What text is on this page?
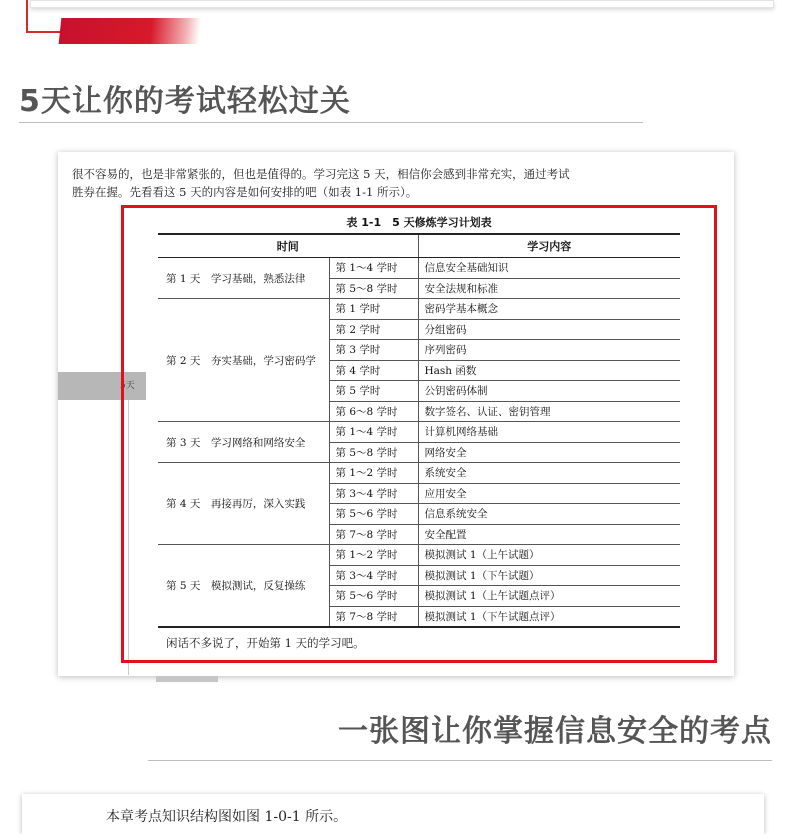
5天让你的考试轻松过关
5天
很不容易的，也是非常紧张的，但也是值得的。学习完这 5 天，相信你会感到非常充实，通过考试
胜券在握。先看看这 5 天的内容是如何安排的吧（如表 1-1 所示）。
表 1-1　5 天修炼学习计划表
时间		学习内容
第 1 天　学习基础，熟悉法律	第 1～4 学时	信息安全基础知识
	第 5～8 学时	安全法规和标准
第 2 天　夯实基础，学习密码学	第 1 学时	密码学基本概念
	第 2 学时	分组密码
	第 3 学时	序列密码
	第 4 学时	Hash 函数
	第 5 学时	公钥密码体制
	第 6～8 学时	数字签名、认证、密钥管理
第 3 天　学习网络和网络安全	第 1～4 学时	计算机网络基础
	第 5～8 学时	网络安全
第 4 天　再接再厉，深入实践	第 1～2 学时	系统安全
	第 3～4 学时	应用安全
	第 5～6 学时	信息系统安全
	第 7～8 学时	安全配置
第 5 天　模拟测试，反复操练	第 1～2 学时	模拟测试 1（上午试题）
	第 3～4 学时	模拟测试 1（下午试题）
	第 5～6 学时	模拟测试 1（上午试题点评）
	第 7～8 学时	模拟测试 1（下午试题点评）
闲话不多说了，开始第 1 天的学习吧。
一张图让你掌握信息安全的考点
本章考点知识结构图如图 1-0-1 所示。
